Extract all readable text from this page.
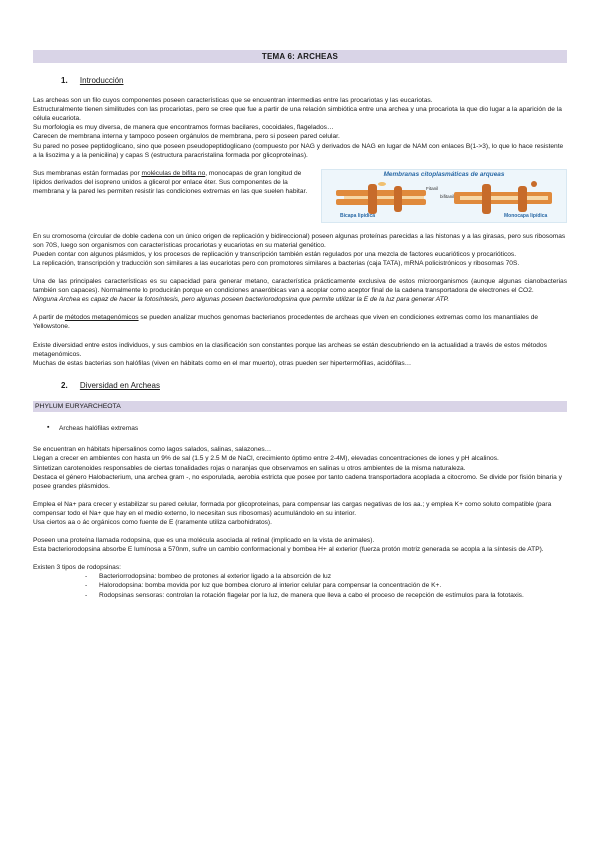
TEMA 6: ARCHEAS
1. Introducción

Las archeas son un filo cuyos componentes poseen características que se encuentran intermedias entre las procariotas y las eucariotas.

Estructuralmente tienen similitudes con las procariotas, pero se cree que fue a partir de una relación simbiótica entre una archea y una procariota la que dio lugar a la aparición de la célula eucariota.

Su morfología es muy diversa, de manera que encontramos formas bacilares, cocoidales, flagelados…

Carecen de membrana interna y tampoco poseen orgánulos de membrana, pero si poseen pared celular.

Su pared no posee peptidoglicano, sino que poseen pseudopeptidoglicano (compuesto por NAG y derivados de NAG en lugar de NAM con enlaces B(1->3), lo que lo hace resistente a la lisozima y a la penicilina) y capas S (estructura paracristalina formada por glicoproteínas).

Sus membranas están formadas por moléculas de bifita no, monocapas de gran longitud de lípidos derivados del isopreno unidos a glicerol por enlace éter. Sus componentes de la membrana y la pared les permiten resistir las condiciones extremas en las que suelen habitar.

Membranas citoplasmáticas de arqueas
Fitanil
bifitanil
Bicapa lipídica	Monocapa lipídica

En su cromosoma (circular de doble cadena con un único origen de replicación y bidireccional) poseen algunas proteínas parecidas a las histonas y a las girasas, pero sus ribosomas son 70S, luego son organismos con características procariotas y eucariotas en su material genético.

Pueden contar con algunos plásmidos, y los procesos de replicación y transcripción también están regulados por una mezcla de factores eucarióticos y procarióticos.

La replicación, transcripción y traducción son similares a las eucariotas pero con promotores similares a bacterias (caja TATA), mRNA policistrónicos y ribosomas 70S.

Una de las principales características es su capacidad para generar metano, característica prácticamente exclusiva de estos microorganismos (aunque algunas cianobacterias también son capaces). Normalmente lo producirán porque en condiciones anaeróbicas van a acoplar como aceptor final de la cadena transportadora de electrones el CO2.

Ninguna Archea es capaz de hacer la fotosíntesis, pero algunas poseen bacteriorodopsina que permite utilizar la E de la luz para generar ATP.

A partir de métodos metagenómicos se pueden analizar muchos genomas bacterianos procedentes de archeas que viven en condiciones extremas como los manantiales de Yellowstone.

Existe diversidad entre estos individuos, y sus cambios en la clasificación son constantes porque las archeas se están descubriendo en la actualidad a través de estos métodos metagenómicos.

Muchas de estas bacterias son halófilas (viven en hábitats como en el mar muerto), otras pueden ser hipertermófilas, acidófilas…

2. Diversidad en Archeas
PHYLUM EURYARCHEOTA
▪ Archeas halófilas extremas

Se encuentran en hábitats hipersalinos como lagos salados, salinas, salazones…

Llegan a crecer en ambientes con hasta un 9% de sal (1.5 y 2.5 M de NaCl, crecimiento óptimo entre 2-4M), elevadas concentraciones de iones y pH alcalinos.

Sintetizan carotenoides responsables de ciertas tonalidades rojas o naranjas que observamos en salinas u otros ambientes de la misma naturaleza.

Destaca el género Halobacterium, una archea gram -, no esporulada, aerobia estricta que posee por tanto cadena transportadora acoplada a citocromo. Se divide por fisión binaria y posee grandes plásmidos.

Emplea el Na+ para crecer y estabilizar su pared celular, formada por glicoproteínas, para compensar las cargas negativas de los aa.; y emplea K+ como soluto compatible (para compensar todo el Na+ que hay en el medio externo, lo necesitan sus ribosomas) acumulándolo en su interior.

Usa ciertos aa o ác orgánicos como fuente de E (raramente utiliza carbohidratos).

Poseen una proteína llamada rodopsina, que es una molécula asociada al retinal (implicado en la vista de animales).

Esta bacteriorodopsina absorbe E lumínosa a 570nm, sufre un cambio conformacional y bombea H+ al exterior (fuerza protón motriz generada se acopla a la síntesis de ATP).

Existen 3 tipos de rodopsinas:

- Bacteriorrodopsina: bombeo de protones al exterior ligado a la absorción de luz
- Halorodopsina: bomba movida por luz que bombea cloruro al interior celular para compensar la concentración de K+.
- Rodopsinas sensoras: controlan la rotación flagelar por la luz, de manera que lleva a cabo el proceso de recepción de estímulos para la fototaxis.
